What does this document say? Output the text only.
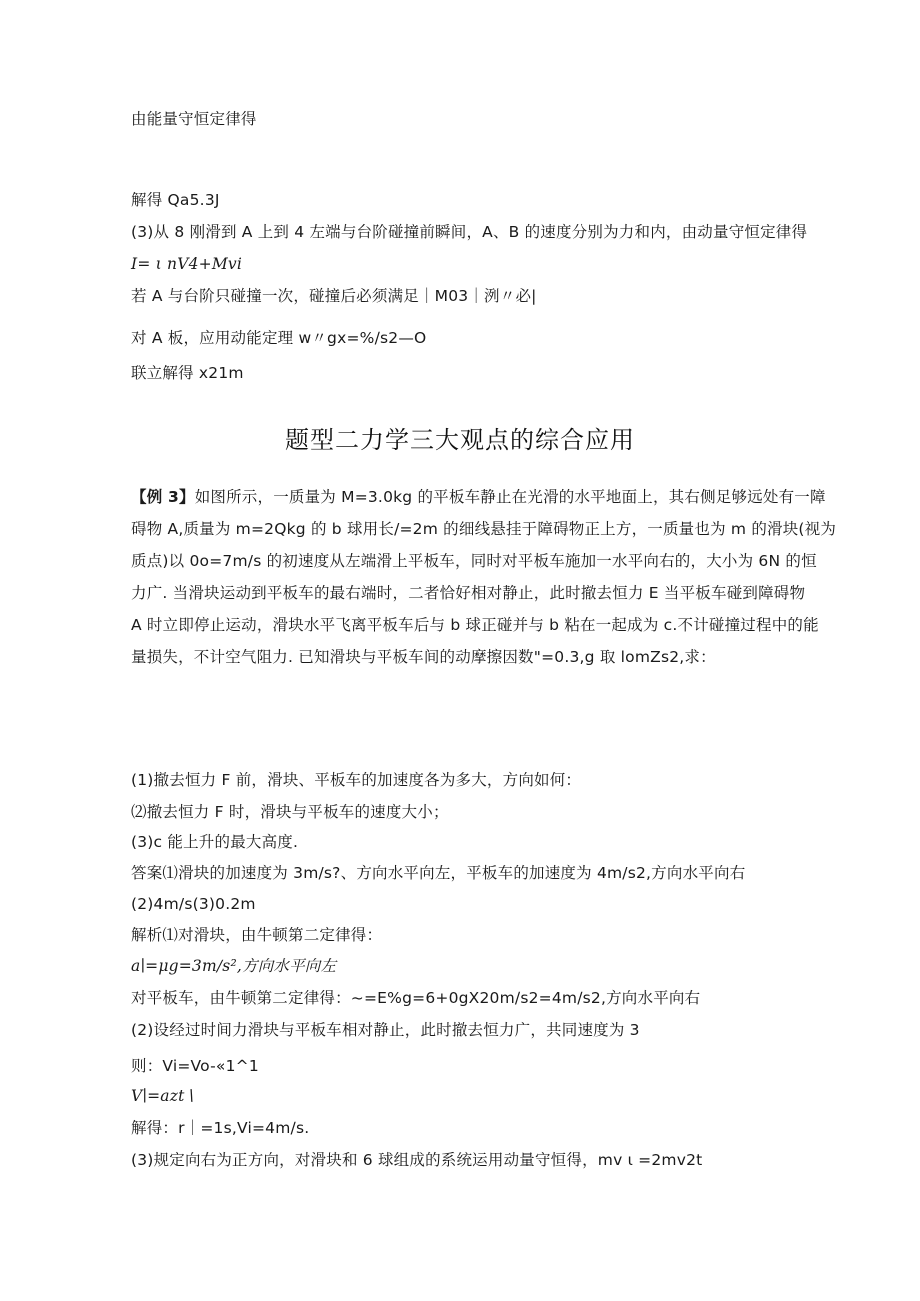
由能量守恒定律得
解得 Qa5.3J
(3)从 8 刚滑到 A 上到 4 左端与台阶碰撞前瞬间，A、B 的速度分别为力和内，由动量守恒定律得
I= ι nV4+Mvi
若 A 与台阶只碰撞一次，碰撞后必须满足｜M03｜洌〃必|
对 A 板，应用动能定理 w〃gx=%∕s2—O
联立解得 x21m
题型二力学三大观点的综合应用
【例 3】如图所示，一质量为 M=3.0kg 的平板车静止在光滑的水平地面上，其右侧足够远处有一障
碍物 A,质量为 m=2Qkg 的 b 球用长/=2m 的细线悬挂于障碍物正上方，一质量也为 m 的滑块(视为
质点)以 0o=7m/s 的初速度从左端滑上平板车，同时对平板车施加一水平向右的，大小为 6N 的恒
力广. 当滑块运动到平板车的最右端时，二者恰好相对静止，此时撤去恒力 E 当平板车碰到障碍物
A 时立即停止运动，滑块水平飞离平板车后与 b 球正碰并与 b 粘在一起成为 c.不计碰撞过程中的能
量损失，不计空气阻力. 已知滑块与平板车间的动摩擦因数"=0.3,g 取 lomZs2,求：
(1)撤去恒力 F 前，滑块、平板车的加速度各为多大，方向如何：
⑵撤去恒力 F 时，滑块与平板车的速度大小；
(3)c 能上升的最大高度.
答案⑴滑块的加速度为 3m/s?、方向水平向左，平板车的加速度为 4m/s2,方向水平向右
(2)4m/s(3)0.2m
解析⑴对滑块，由牛顿第二定律得：
a∣=μg=3m∕s²,方向水平向左
对平板车，由牛顿第二定律得：~=E%g=6+0gX20m∕s2=4m∕s2,方向水平向右
(2)设经过时间力滑块与平板车相对静止，此时撤去恒力广，共同速度为 3
则：Vi=Vo-«1^1
V∣=azt∖
解得：r｜=1s,Vi=4m∕s.
(3)规定向右为正方向，对滑块和 6 球组成的系统运用动量守恒得，mv ι =2mv2t
